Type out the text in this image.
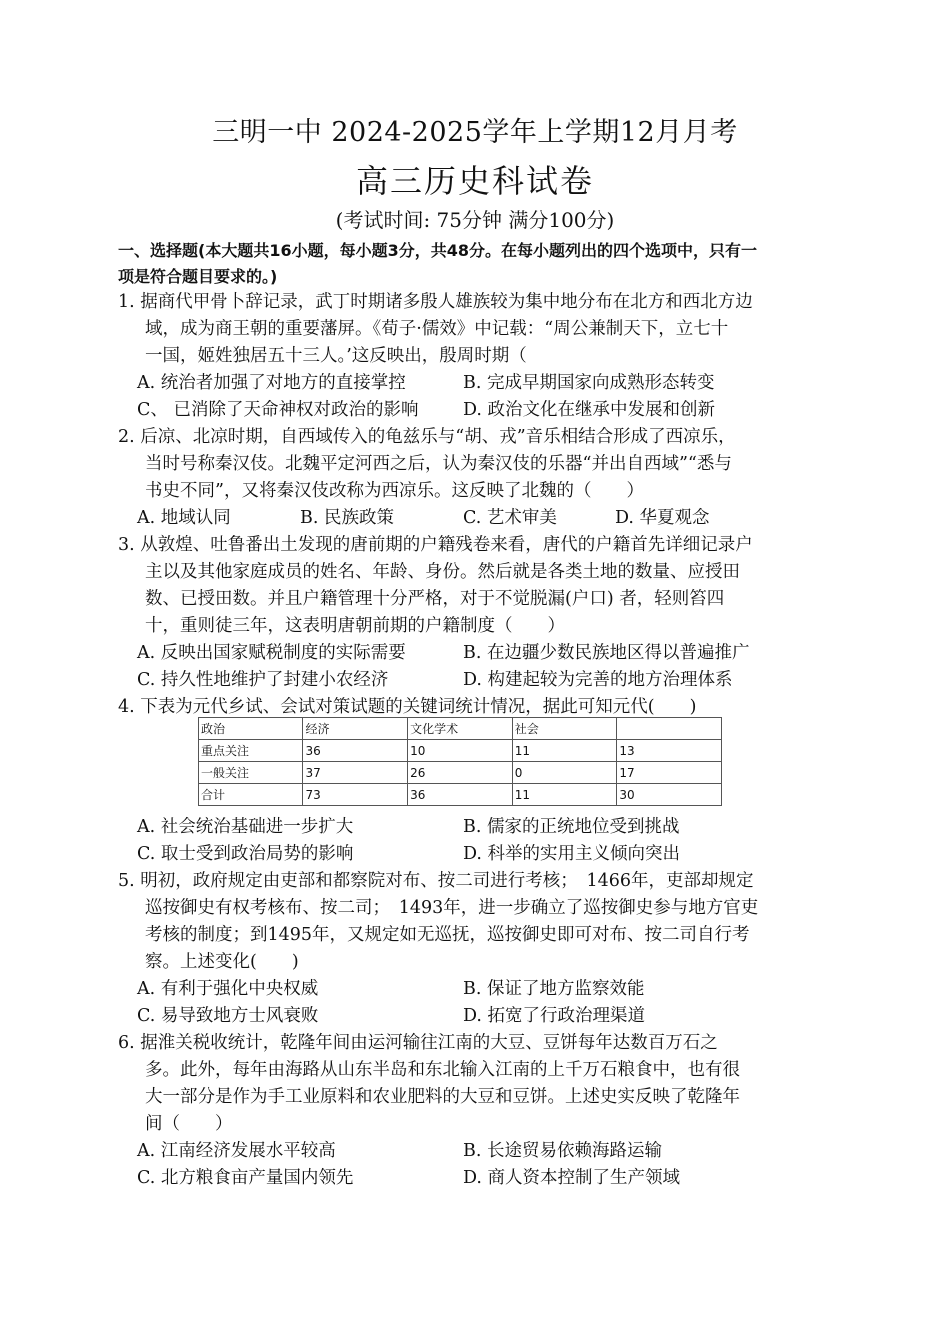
三明一中 2024-2025学年上学期12月月考
高三历史科试卷
(考试时间: 75分钟 满分100分)
一、选择题(本大题共16小题，每小题3分，共48分。在每小题列出的四个选项中，只有一
项是符合题目要求的。)
1. 据商代甲骨卜辞记录，武丁时期诸多殷人雄族较为集中地分布在北方和西北方边
域，成为商王朝的重要藩屏。《荀子·儒效》中记载：“周公兼制天下，立七十
一国，姬姓独居五十三人。’这反映出，殷周时期（
A. 统治者加强了对地方的直接掌控	B. 完成早期国家向成熟形态转变
C、 已消除了天命神权对政治的影响	D. 政治文化在继承中发展和创新
2. 后凉、北凉时期，自西域传入的龟兹乐与“胡、戎”音乐相结合形成了西凉乐，
当时号称秦汉伎。北魏平定河西之后，认为秦汉伎的乐器“并出自西域”“悉与
书史不同”，又将秦汉伎改称为西凉乐。这反映了北魏的（　　）
A. 地域认同	B. 民族政策	C. 艺术审美	D. 华夏观念
3. 从敦煌、吐鲁番出土发现的唐前期的户籍残卷来看，唐代的户籍首先详细记录户
主以及其他家庭成员的姓名、年龄、身份。然后就是各类土地的数量、应授田
数、已授田数。并且户籍管理十分严格，对于不觉脱漏(户口) 者，轻则笞四
十，重则徒三年，这表明唐朝前期的户籍制度（　　）
A. 反映出国家赋税制度的实际需要	B. 在边疆少数民族地区得以普遍推广
C. 持久性地维护了封建小农经济	D. 构建起较为完善的地方治理体系
4. 下表为元代乡试、会试对策试题的关键词统计情况，据此可知元代(　　)
政治	经济	文化学术	社会	
重点关注	36	10	11	13
一般关注	37	26	0	17
合计	73	36	11	30
A. 社会统治基础进一步扩大	B. 儒家的正统地位受到挑战
C. 取士受到政治局势的影响	D. 科举的实用主义倾向突出
5. 明初，政府规定由吏部和都察院对布、按二司进行考核；　1466年，吏部却规定
巡按御史有权考核布、按二司；　1493年，进一步确立了巡按御史参与地方官吏
考核的制度；到1495年，又规定如无巡抚，巡按御史即可对布、按二司自行考
察。上述变化(　　)
A. 有利于强化中央权威	B. 保证了地方监察效能
C. 易导致地方士风衰败	D. 拓宽了行政治理渠道
6. 据淮关税收统计，乾隆年间由运河输往江南的大豆、豆饼每年达数百万石之
多。此外，每年由海路从山东半岛和东北输入江南的上千万石粮食中，也有很
大一部分是作为手工业原料和农业肥料的大豆和豆饼。上述史实反映了乾隆年
间（　　）
A. 江南经济发展水平较高	B. 长途贸易依赖海路运输
C. 北方粮食亩产量国内领先	D. 商人资本控制了生产领域
